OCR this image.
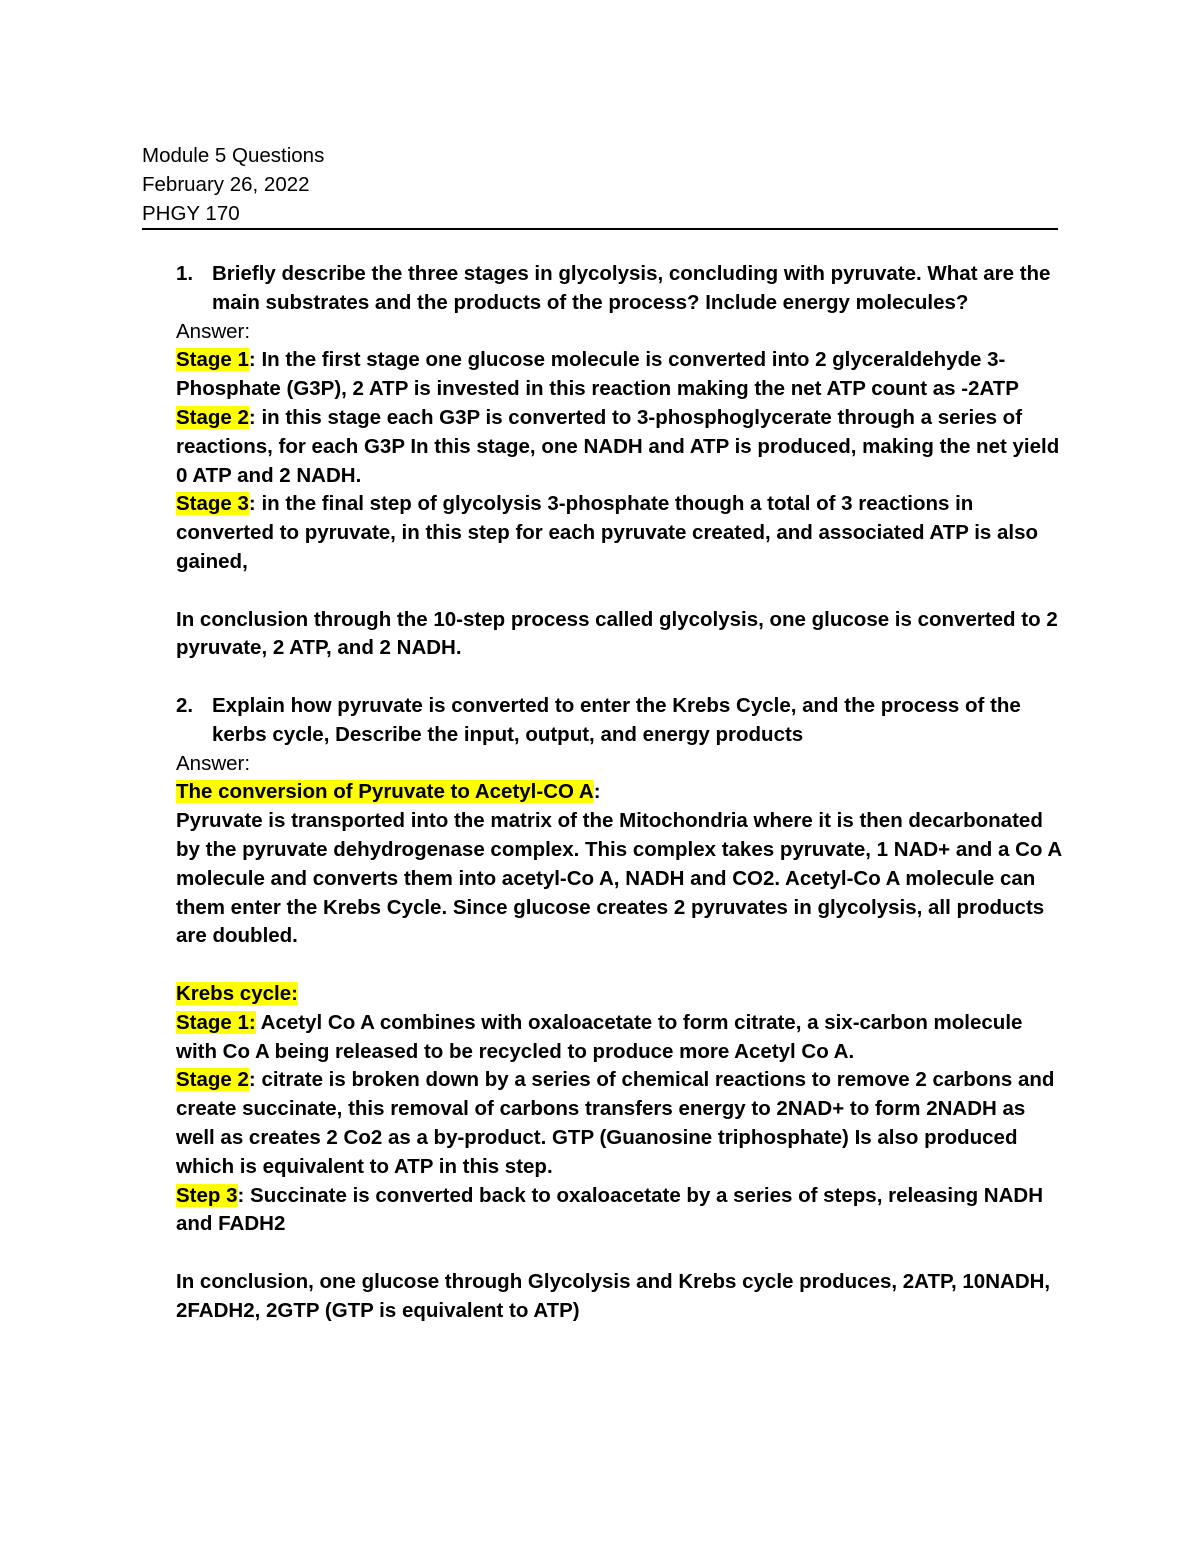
Module 5 Questions
February 26, 2022
PHGY 170
1. Briefly describe the three stages in glycolysis, concluding with pyruvate. What are the main substrates and the products of the process? Include energy molecules?
Answer:
Stage 1: In the first stage one glucose molecule is converted into 2 glyceraldehyde 3-Phosphate (G3P), 2 ATP is invested in this reaction making the net ATP count as -2ATP
Stage 2: in this stage each G3P is converted to 3-phosphoglycerate through a series of reactions, for each G3P In this stage, one NADH and ATP is produced, making the net yield 0 ATP and 2 NADH.
Stage 3: in the final step of glycolysis 3-phosphate though a total of 3 reactions in converted to pyruvate, in this step for each pyruvate created, and associated ATP is also gained,
In conclusion through the 10-step process called glycolysis, one glucose is converted to 2 pyruvate, 2 ATP, and 2 NADH.
2. Explain how pyruvate is converted to enter the Krebs Cycle, and the process of the kerbs cycle, Describe the input, output, and energy products
Answer:
The conversion of Pyruvate to Acetyl-CO A:
Pyruvate is transported into the matrix of the Mitochondria where it is then decarbonated by the pyruvate dehydrogenase complex. This complex takes pyruvate, 1 NAD+ and a Co A molecule and converts them into acetyl-Co A, NADH and CO2. Acetyl-Co A molecule can them enter the Krebs Cycle. Since glucose creates 2 pyruvates in glycolysis, all products are doubled.
Krebs cycle:
Stage 1: Acetyl Co A combines with oxaloacetate to form citrate, a six-carbon molecule with Co A being released to be recycled to produce more Acetyl Co A.
Stage 2: citrate is broken down by a series of chemical reactions to remove 2 carbons and create succinate, this removal of carbons transfers energy to 2NAD+ to form 2NADH as well as creates 2 Co2 as a by-product. GTP (Guanosine triphosphate) Is also produced which is equivalent to ATP in this step.
Step 3: Succinate is converted back to oxaloacetate by a series of steps, releasing NADH and FADH2
In conclusion, one glucose through Glycolysis and Krebs cycle produces, 2ATP, 10NADH, 2FADH2, 2GTP (GTP is equivalent to ATP)
